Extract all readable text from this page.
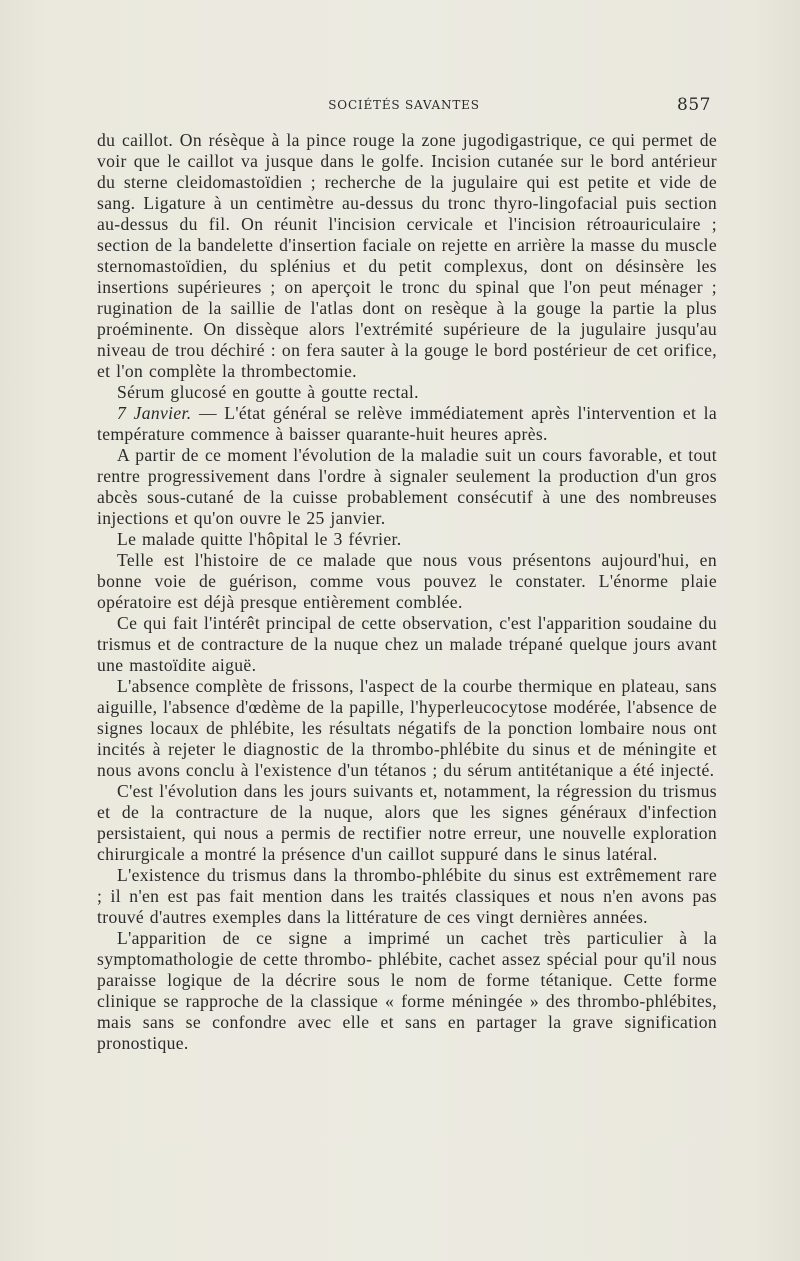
SOCIÉTÉS SAVANTES	857

du caillot. On résèque à la pince rouge la zone jugodigastrique, ce qui permet de voir que le caillot va jusque dans le golfe. Incision cutanée sur le bord antérieur du sterne cleidomastoïdien ; recherche de la jugulaire qui est petite et vide de sang. Ligature à un centimètre au-dessus du tronc thyro-lingofacial puis section au-dessus du fil. On réunit l'incision cervicale et l'incision rétroauriculaire ; section de la bandelette d'insertion faciale on rejette en arrière la masse du muscle sternomastoïdien, du splénius et du petit complexus, dont on désinsère les insertions supérieures ; on aperçoit le tronc du spinal que l'on peut ménager ; rugination de la saillie de l'atlas dont on resèque à la gouge la partie la plus proéminente. On dissèque alors l'extrémité supérieure de la jugulaire jusqu'au niveau de trou déchiré : on fera sauter à la gouge le bord postérieur de cet orifice, et l'on complète la thrombectomie.

Sérum glucosé en goutte à goutte rectal.

7 Janvier. — L'état général se relève immédiatement après l'intervention et la température commence à baisser quarante-huit heures après.

A partir de ce moment l'évolution de la maladie suit un cours favorable, et tout rentre progressivement dans l'ordre à signaler seulement la production d'un gros abcès sous-cutané de la cuisse probablement consécutif à une des nombreuses injections et qu'on ouvre le 25 janvier.

Le malade quitte l'hôpital le 3 février.

Telle est l'histoire de ce malade que nous vous présentons aujourd'hui, en bonne voie de guérison, comme vous pouvez le constater. L'énorme plaie opératoire est déjà presque entièrement comblée.

Ce qui fait l'intérêt principal de cette observation, c'est l'apparition soudaine du trismus et de contracture de la nuque chez un malade trépané quelque jours avant une mastoïdite aiguë.

L'absence complète de frissons, l'aspect de la courbe thermique en plateau, sans aiguille, l'absence d'œdème de la papille, l'hyperleucocytose modérée, l'absence de signes locaux de phlébite, les résultats négatifs de la ponction lombaire nous ont incités à rejeter le diagnostic de la thrombo-phlébite du sinus et de méningite et nous avons conclu à l'existence d'un tétanos ; du sérum antitétanique a été injecté.

C'est l'évolution dans les jours suivants et, notamment, la régression du trismus et de la contracture de la nuque, alors que les signes généraux d'infection persistaient, qui nous a permis de rectifier notre erreur, une nouvelle exploration chirurgicale a montré la présence d'un caillot suppuré dans le sinus latéral.

L'existence du trismus dans la thrombo-phlébite du sinus est extrêmement rare ; il n'en est pas fait mention dans les traités classiques et nous n'en avons pas trouvé d'autres exemples dans la littérature de ces vingt dernières années.

L'apparition de ce signe a imprimé un cachet très particulier à la symptomathologie de cette thrombo- phlébite, cachet assez spécial pour qu'il nous paraisse logique de la décrire sous le nom de forme tétanique. Cette forme clinique se rapproche de la classique « forme méningée » des thrombo-phlébites, mais sans se confondre avec elle et sans en partager la grave signification pronostique.
